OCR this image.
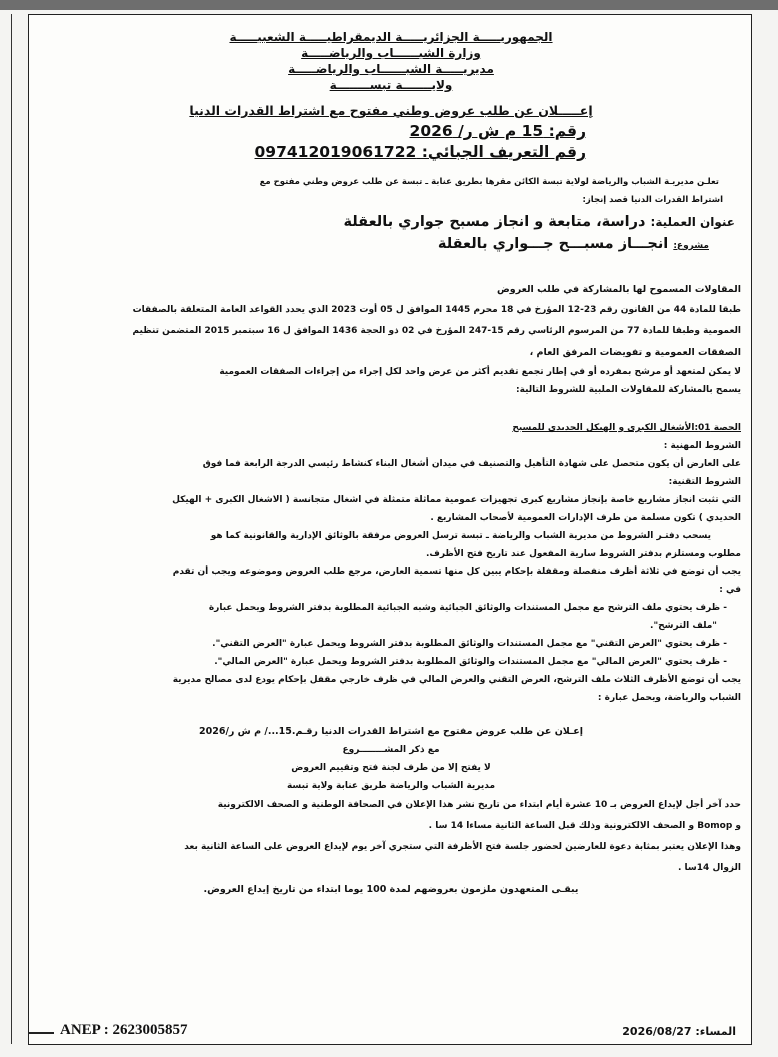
الجمهوريـــــة الجزائريـــــة الديمقراطيـــــة الشعبيـــــة
وزارة الشبــــــاب والرياضـــــة
مديريـــــة الشبــــــاب والرياضـــــة
ولايـــــــة تبســــــــة
إعـــــلان عن طلب عروض وطني مفتوح مع اشتراط القدرات الدنيا
رقم: 15 م ش ر/ 2026
رقم التعريف الجبائي: 097412019061722
تعلـن مديريـة الشباب والرياضة لولاية تبسة الكائن مقرها بطريق عنابة ـ تبسة عن طلب عروض وطني مفتوح مع
اشتراط القدرات الدنيا قصد إنجاز:
عنوان العملية: دراسة، متابعة و انجاز مسبح جواري بالعقلة
مشروع: انجـــاز مسبـــح جـــواري بالعقلة
المقاولات المسموح لها بالمشاركة في طلب العروض
طبقا للمادة 44 من القانون رقم 23-12 المؤرخ في 18 محرم 1445 الموافق ل 05 أوت 2023 الذي يحدد القواعد العامة المتعلقة بالصفقات
العمومية وطبقا للمادة 77 من المرسوم الرئاسي رقم 15-247 المؤرخ في 02 ذو الحجة 1436 الموافق ل 16 سبتمبر 2015 المتضمن تنظيم
الصفقات العمومية و تفويضات المرفق العام ،
لا يمكن لمتعهد أو مرشح بمفرده أو في إطار تجمع تقديم أكثر من عرض واحد لكل إجراء من إجراءات الصفقات العمومية
يسمح بالمشاركة للمقاولات الملبية للشروط التالية:
الحصة 01:الأشغال الكبرى و الهيكل الحديدي للمسبح
الشروط المهنية :
على العارض أن يكون متحصل على شهادة التأهيل والتصنيف في ميدان أشغال البناء كنشاط رئيسي الدرجة الرابعة فما فوق
الشروط التقنية:
التي تثبت انجاز مشاريع خاصة بإنجاز مشاريع كبرى تجهيزات عمومية مماثلة متمثلة في اشغال متجانسة ( الاشغال الكبرى + الهيكل
الحديدي ) تكون مسلمة من طرف الإدارات العمومية لأصحاب المشاريع .
يسحب دفتـر الشروط من مديرية الشباب والرياضة ـ تبسة ترسل العروض مرفقة بالوثائق الإدارية والقانونية كما هو
مطلوب ومستلزم بدفتر الشروط سارية المفعول عند تاريخ فتح الأظرف.
يجب أن توضع في ثلاثة أظرف منفصلة ومقفلة بإحكام يبين كل منها تسمية العارض، مرجع طلب العروض وموضوعه ويجب أن تقدم
في :
- ظرف يحتوي ملف الترشح مع مجمل المستندات والوثائق الجبائية وشبه الجبائية المطلوبة بدفتر الشروط ويحمل عبارة
"ملف الترشح".
- ظرف يحتوي "العرض التقني" مع مجمل المستندات والوثائق المطلوبة بدفتر الشروط ويحمل عبارة "العرض التقني".
- ظرف يحتوي "العرض المالي" مع مجمل المستندات والوثائق المطلوبة بدفتر الشروط ويحمل عبارة "العرض المالي".
يجب أن توضع الأظرف الثلاث ملف الترشح، العرض التقني والعرض المالي في ظرف خارجي مقفل بإحكام يودع لدى مصالح مديرية
الشباب والرياضة، ويحمل عبارة :
إعـلان عن طلب عروض مفتوح مع اشتراط القدرات الدنيا رقـم.15.../ م ش ر/2026
مع ذكر المشــــــــروع
لا يفتح إلا من طرف لجنة فتح وتقييم العروض
مديرية الشباب والرياضة طريق عنابة ولاية تبسة
حدد آخر أجل لإيداع العروض بـ 10 عشرة أيام ابتداء من تاريخ نشر هذا الإعلان في الصحافة الوطنية و الصحف الالكترونية
و Bomop و الصحف الالكترونية وذلك قبل الساعة الثانية مساءا 14 سا .
وهذا الإعلان يعتبر بمثابة دعوة للعارضين لحضور جلسة فتح الأظرفة التي ستجري آخر يوم لإيداع العروض على الساعة الثانية بعد
الزوال 14سا .
يبقـى المتعهدون ملزمون بعروضهم لمدة 100 يوما ابتداء من تاريخ إيداع العروض.
ANEP : 2623005857	المساء: 2026/08/27
